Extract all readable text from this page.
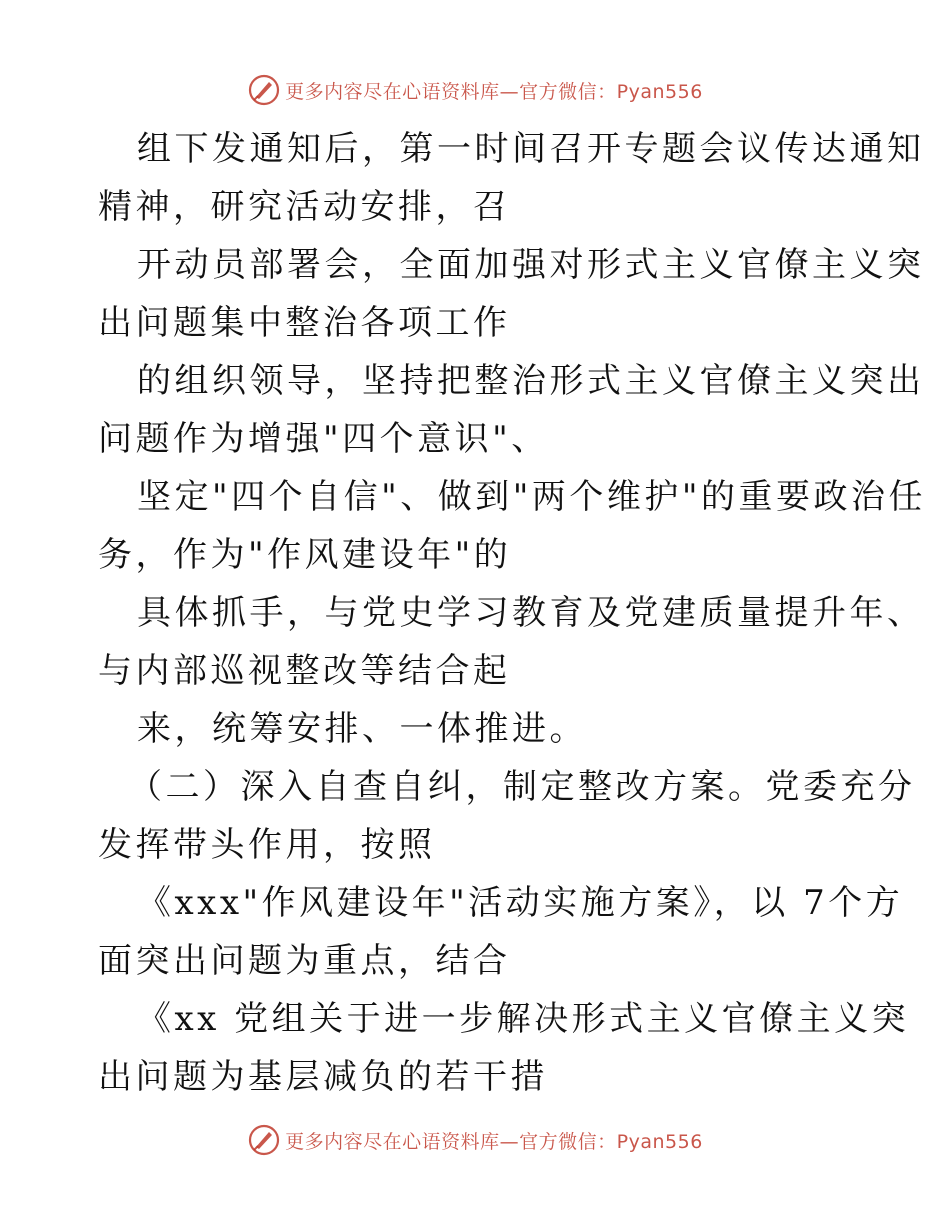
更多内容尽在心语资料库—官方微信：Pyan556
组下发通知后，第一时间召开专题会议传达通知
精神，研究活动安排，召
开动员部署会，全面加强对形式主义官僚主义突
出问题集中整治各项工作
的组织领导，坚持把整治形式主义官僚主义突出
问题作为增强"四个意识"、
坚定"四个自信"、做到"两个维护"的重要政治任
务，作为"作风建设年"的
具体抓手，与党史学习教育及党建质量提升年、
与内部巡视整改等结合起
来，统筹安排、一体推进。
（二）深入自查自纠，制定整改方案。党委充分
发挥带头作用，按照
《xxx"作风建设年"活动实施方案》，以 7个方
面突出问题为重点，结合
《xx 党组关于进一步解决形式主义官僚主义突
出问题为基层减负的若干措
更多内容尽在心语资料库—官方微信：Pyan556
